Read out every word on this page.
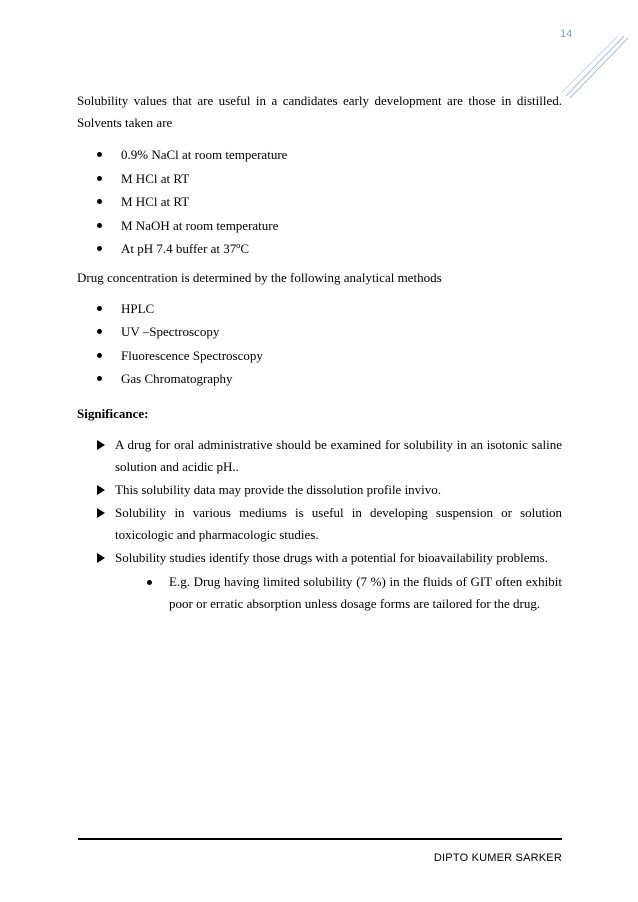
14

Solubility values that are useful in a candidates early development are those in distilled.
Solvents taken are

0.9% NaCl at room temperature
M HCl at RT
M HCl at RT
M NaOH at room temperature
At pH 7.4 buffer at 37ºC

Drug concentration is determined by the following analytical methods

HPLC
UV –Spectroscopy
Fluorescence Spectroscopy
Gas Chromatography
Significance:
A drug for oral administrative should be examined for solubility in an isotonic saline solution and acidic pH..
This solubility data may provide the dissolution profile invivo.
Solubility in various mediums is useful in developing suspension or solution toxicologic and pharmacologic studies.
Solubility studies identify those drugs with a potential for bioavailability problems.
E.g. Drug having limited solubility (7 %) in the fluids of GIT often exhibit poor or erratic absorption unless dosage forms are tailored for the drug.
DIPTO KUMER SARKER
